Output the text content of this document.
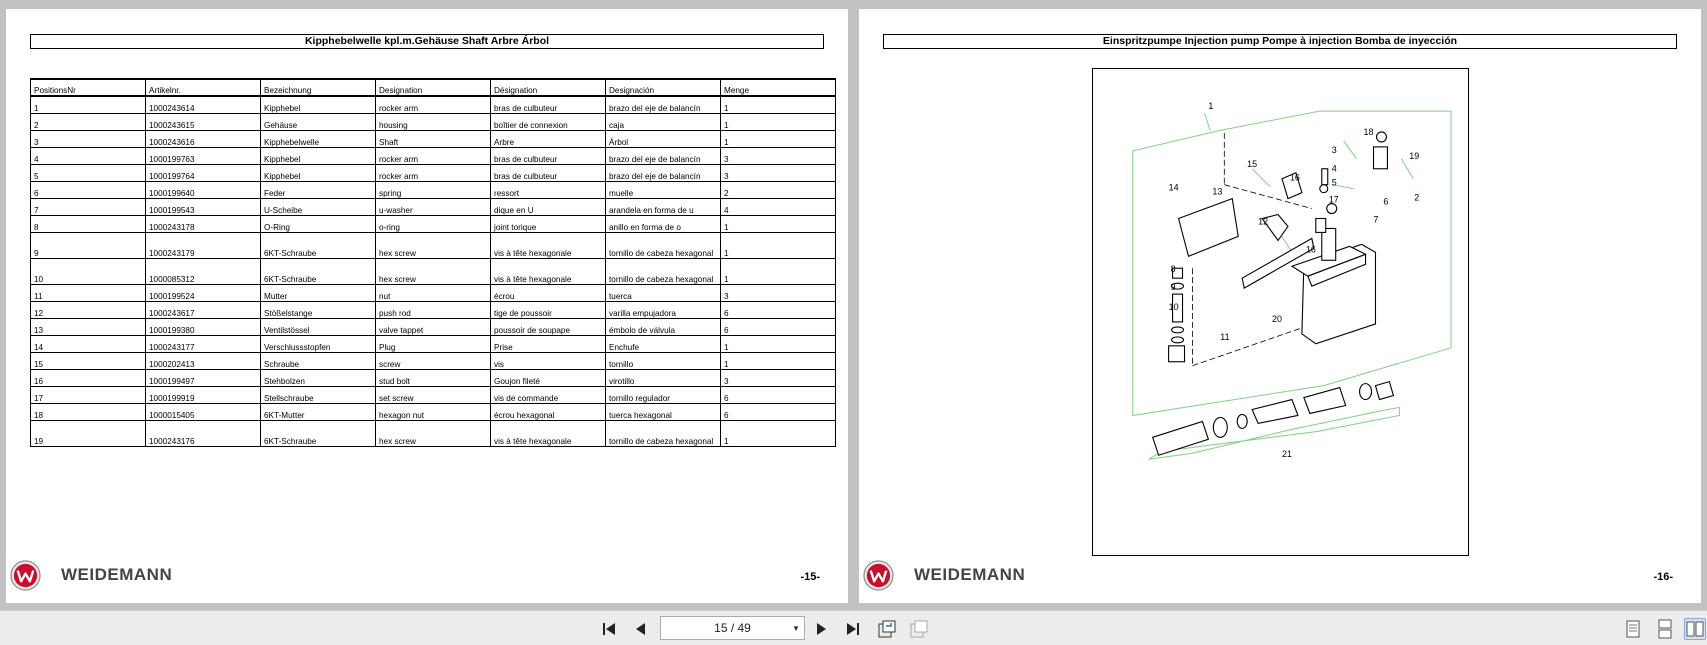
Kipphebelwelle kpl.m.Gehäuse Shaft Arbre Árbol
PositionsNr	Artikelnr.	Bezeichnung	Designation	Désignation	Designación	Menge
1	1000243614	Kipphebel	rocker arm	bras de culbuteur	brazo del eje de balancín	1
2	1000243615	Gehäuse	housing	boîtier de connexion	caja	1
3	1000243616	Kipphebelwelle	Shaft	Arbre	Árbol	1
4	1000199763	Kipphebel	rocker arm	bras de culbuteur	brazo del eje de balancín	3
5	1000199764	Kipphebel	rocker arm	bras de culbuteur	brazo del eje de balancín	3
6	1000199640	Feder	spring	ressort	muelle	2
7	1000199543	U-Scheibe	u-washer	dique en U	arandela en forma de u	4
8	1000243178	O-Ring	o-ring	joint torique	anillo en forma de o	1
9	1000243179	6KT-Schraube	hex screw	vis à tête hexagonale	tornillo de cabeza hexagonal	1
10	1000085312	6KT-Schraube	hex screw	vis à tête hexagonale	tornillo de cabeza hexagonal	1
11	1000199524	Mutter	nut	écrou	tuerca	3
12	1000243617	Stößelstange	push rod	tige de poussoir	varilla empujadora	6
13	1000199380	Ventilstössel	valve tappet	poussoir de soupape	émbolo de válvula	6
14	1000243177	Verschlussstopfen	Plug	Prise	Enchufe	1
15	1000202413	Schraube	screw	vis	tornillo	1
16	1000199497	Stehbolzen	stud bolt	Goujon fileté	virotillo	3
17	1000199919	Stellschraube	set screw	vis de commande	tornillo regulador	6
18	1000015405	6KT-Mutter	hexagon nut	écrou hexagonal	tuerca hexagonal	6
19	1000243176	6KT-Schraube	hex screw	vis à tête hexagonale	tornillo de cabeza hexagonal	1
WEIDEMANN	-15-
Einspritzpumpe Injection pump Pompe à injection Bomba de inyección
1
2
3
4
5
6
7
8
9
10
11
12
13
14
15
16
16
17
18
19
20
21
WEIDEMANN	-16-
15 / 49	▼
